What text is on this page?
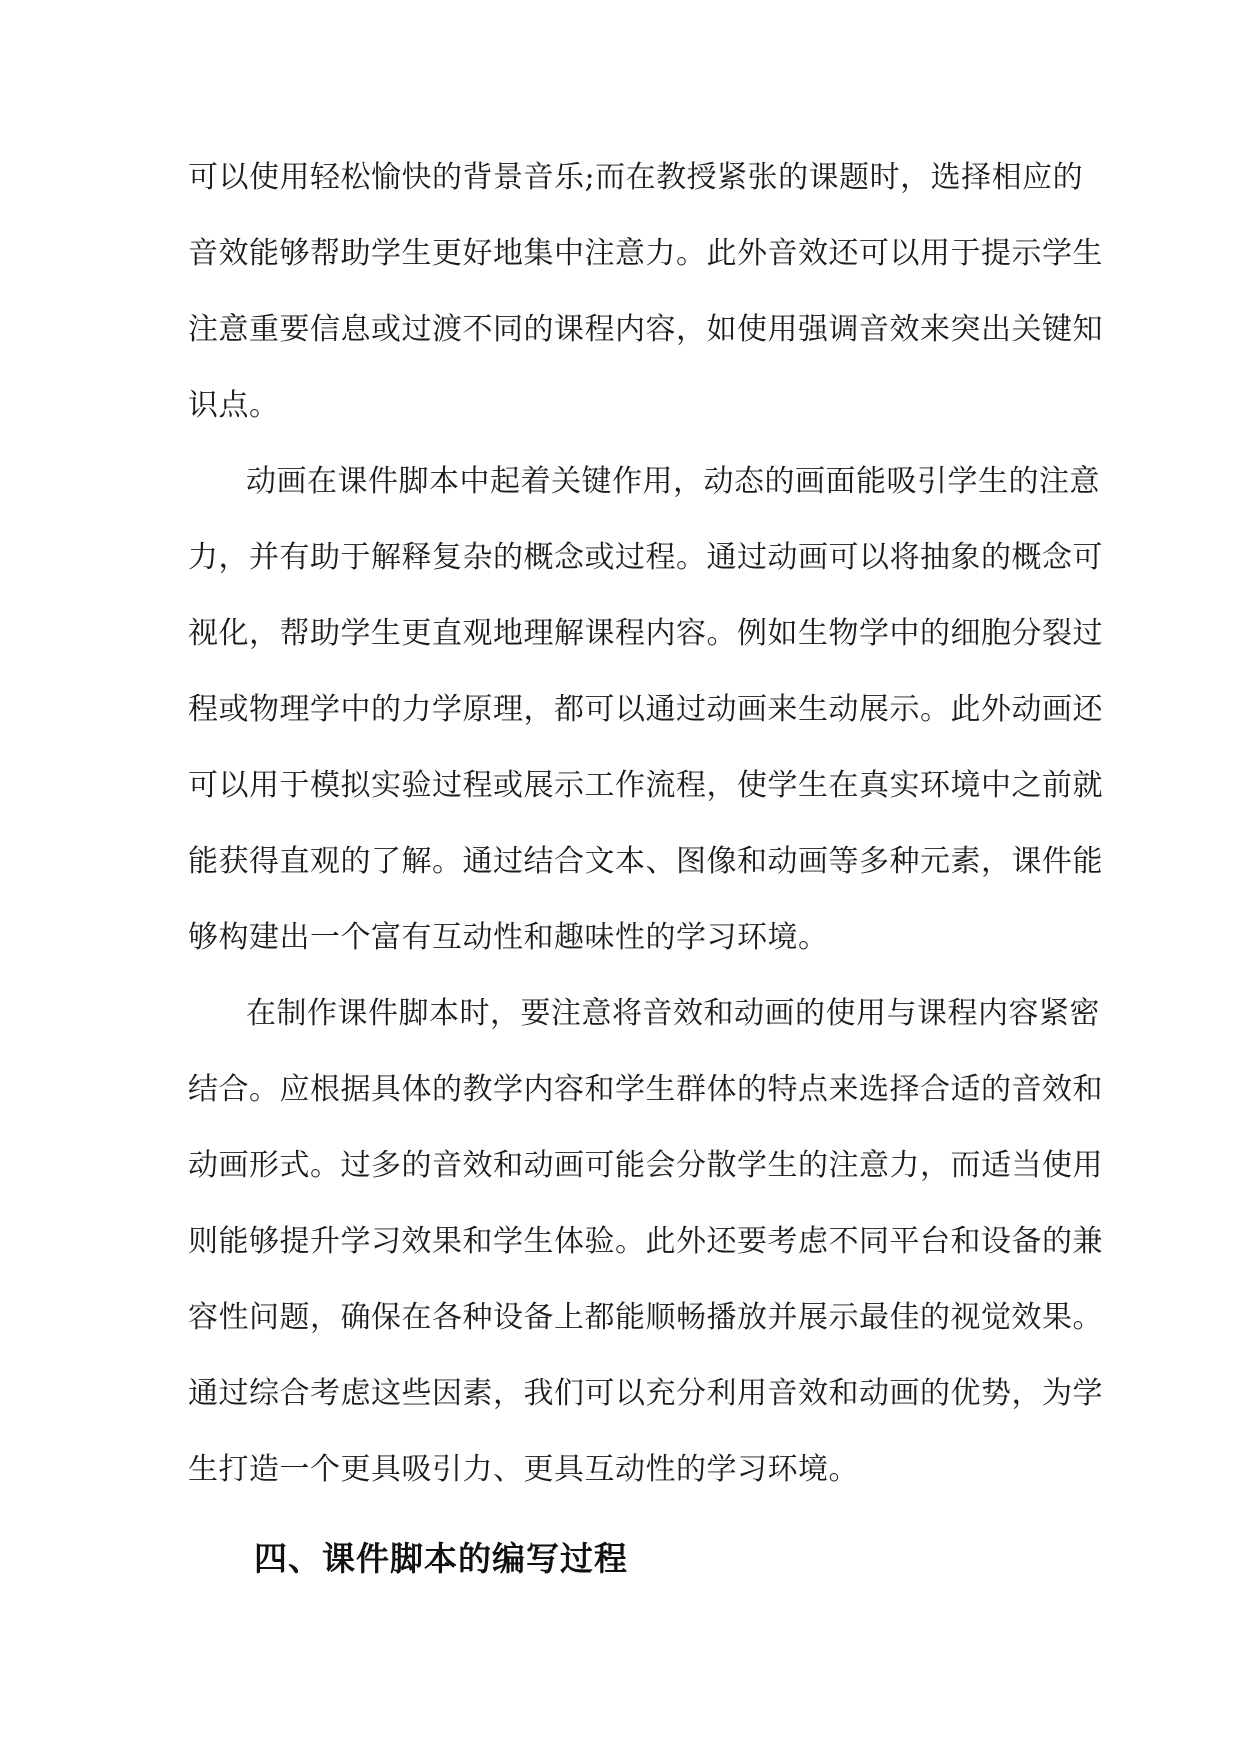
可以使用轻松愉快的背景音乐;而在教授紧张的课题时，选择相应的
音效能够帮助学生更好地集中注意力。此外音效还可以用于提示学生
注意重要信息或过渡不同的课程内容，如使用强调音效来突出关键知
识点。
动画在课件脚本中起着关键作用，动态的画面能吸引学生的注意
力，并有助于解释复杂的概念或过程。通过动画可以将抽象的概念可
视化，帮助学生更直观地理解课程内容。例如生物学中的细胞分裂过
程或物理学中的力学原理，都可以通过动画来生动展示。此外动画还
可以用于模拟实验过程或展示工作流程，使学生在真实环境中之前就
能获得直观的了解。通过结合文本、图像和动画等多种元素，课件能
够构建出一个富有互动性和趣味性的学习环境。
在制作课件脚本时，要注意将音效和动画的使用与课程内容紧密
结合。应根据具体的教学内容和学生群体的特点来选择合适的音效和
动画形式。过多的音效和动画可能会分散学生的注意力，而适当使用
则能够提升学习效果和学生体验。此外还要考虑不同平台和设备的兼
容性问题，确保在各种设备上都能顺畅播放并展示最佳的视觉效果。
通过综合考虑这些因素，我们可以充分利用音效和动画的优势，为学
生打造一个更具吸引力、更具互动性的学习环境。
四、课件脚本的编写过程
